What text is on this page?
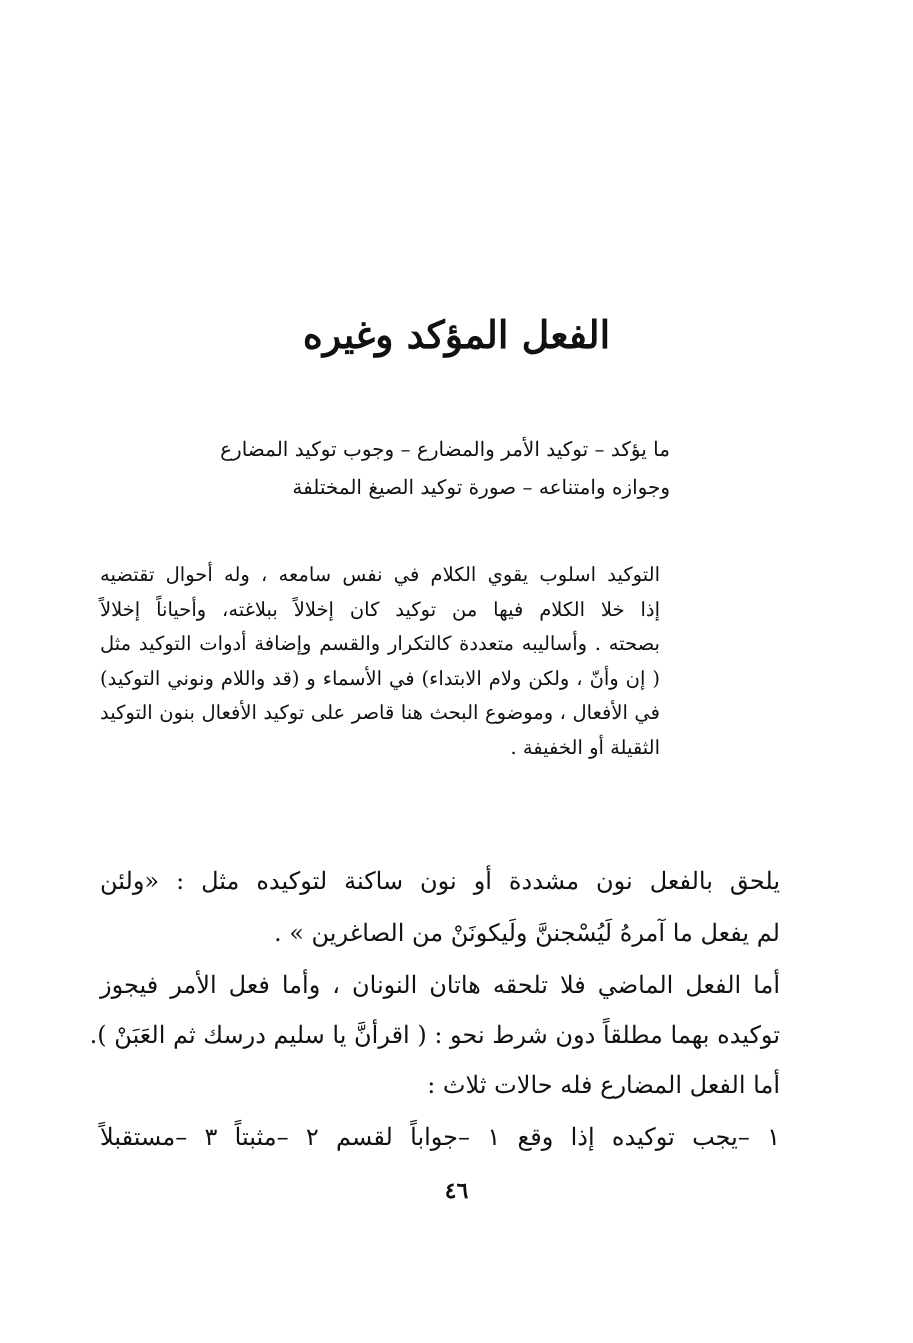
الفعل المؤكد وغيره
ما يؤكد – توكيد الأمر والمضارع – وجوب توكيد المضارع
وجوازه وامتناعه – صورة توكيد الصيغ المختلفة
التوكيد اسلوب يقوي الكلام في نفس سامعه ، وله أحوال تقتضيه
إذا خلا الكلام فيها من توكيد كان إخلالاً ببلاغته، وأحياناً إخلالاً
بصحته . وأساليبه متعددة كالتكرار والقسم وإضافة أدوات التوكيد مثل
( إن وأنّ ، ولكن ولام الابتداء) في الأسماء و (قد واللام ونوني التوكيد)
في الأفعال ، وموضوع البحث هنا قاصر على توكيد الأفعال بنون التوكيد
الثقيلة أو الخفيفة .
يلحق بالفعل نون مشددة أو نون ساكنة لتوكيده مثل : «ولئن
لم يفعل ما آمرهُ لَيُسْجننَّ ولَيكونَنْ من الصاغرين » .
أما الفعل الماضي فلا تلحقه هاتان النونان ، وأما فعل الأمر فيجوز
توكيده بهما مطلقاً دون شرط نحو : ( اقرأنَّ يا سليم درسك ثم العَبَنْ ).
أما الفعل المضارع فله حالات ثلاث :
١ –يجب توكيده إذا وقع ١ –جواباً لقسم ٢ –مثبتاً ٣ –مستقبلاً
٤٦
